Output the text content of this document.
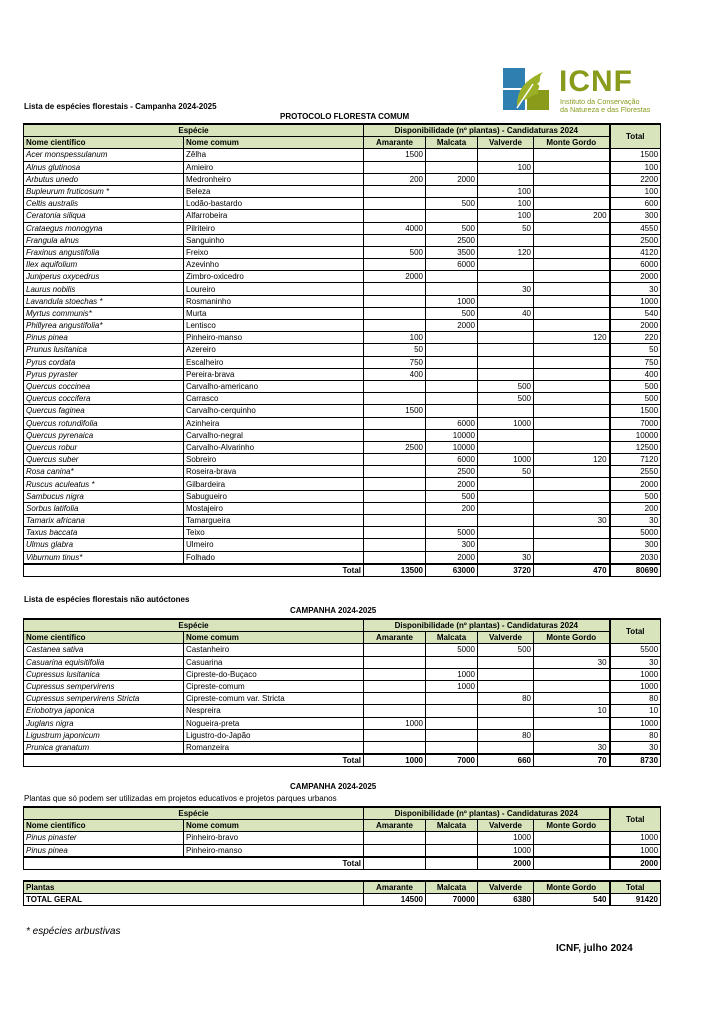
ICNF
Instituto da Conservação
da Natureza e das Florestas
Lista de espécies florestais - Campanha 2024-2025
PROTOCOLO FLORESTA COMUM
Espécie		Disponibilidade (nº plantas) - Candidaturas 2024				Total
Nome científico	Nome comum	Amarante	Malcata	Valverde	Monte Gordo	
Acer monspessulanum	Zêlha	1500				1500
Alnus glutinosa	Amieiro			100		100
Arbutus unedo	Medronheiro	200	2000			2200
Bupleurum fruticosum *	Beleza			100		100
Celtis australis	Lodão-bastardo		500	100		600
Ceratonia siliqua	Alfarrobeira			100	200	300
Crataegus monogyna	Pilriteiro	4000	500	50		4550
Frangula alnus	Sanguinho		2500			2500
Fraxinus angustifolia	Freixo	500	3500	120		4120
Ilex aquifolium	Azevinho		6000			6000
Juniperus oxycedrus	Zimbro-oxicedro	2000				2000
Laurus nobilis	Loureiro			30		30
Lavandula stoechas *	Rosmaninho		1000			1000
Myrtus communis*	Murta		500	40		540
Phillyrea angustifolia*	Lentisco		2000			2000
Pinus pinea	Pinheiro-manso	100			120	220
Prunus lusitanica	Azereiro	50				50
Pyrus cordata	Escalheiro	750				750
Pyrus pyraster	Pereira-brava	400				400
Quercus coccinea	Carvalho-americano			500		500
Quercus coccifera	Carrasco			500		500
Quercus faginea	Carvalho-cerquinho	1500				1500
Quercus rotundifolia	Azinheira		6000	1000		7000
Quercus pyrenaica	Carvalho-negral		10000			10000
Quercus robur	Carvalho-Alvarinho	2500	10000			12500
Quercus suber	Sobreiro		6000	1000	120	7120
Rosa canina*	Roseira-brava		2500	50		2550
Ruscus aculeatus *	Gilbardeira		2000			2000
Sambucus nigra	Sabugueiro		500			500
Sorbus latifolia	Mostajeiro		200			200
Tamarix africana	Tamargueira				30	30
Taxus baccata	Teixo		5000			5000
Ulmus glabra	Ulmeiro		300			300
Viburnum tinus*	Folhado		2000	30		2030
Total		13500	63000	3720	470	80690
Lista de espécies florestais não autóctones
CAMPANHA 2024-2025
Espécie		Disponibilidade (nº plantas) - Candidaturas 2024				Total
Nome científico	Nome comum	Amarante	Malcata	Valverde	Monte Gordo	
Castanea sativa	Castanheiro		5000	500		5500
Casuarina equisitifolia	Casuarina				30	30
Cupressus lusitanica	Cipreste-do-Buçaco		1000			1000
Cupressus sempervirens	Cipreste-comum		1000			1000
Cupressus sempervirens Stricta	Cipreste-comum var. Stricta			80		80
Eriobotrya japonica	Nespreira				10	10
Juglans nigra	Nogueira-preta	1000				1000
Ligustrum japonicum	Ligustro-do-Japão			80		80
Prunica granatum	Romanzeira				30	30
Total		1000	7000	660	70	8730
CAMPANHA 2024-2025
Plantas que só podem ser utilizadas em projetos educativos e projetos parques urbanos
Espécie		Disponibilidade (nº plantas) - Candidaturas 2024				Total
Nome científico	Nome comum	Amarante	Malcata	Valverde	Monte Gordo	
Pinus pinaster	Pinheiro-bravo			1000		1000
Pinus pinea	Pinheiro-manso			1000		1000
Total				2000		2000
Plantas	Amarante	Malcata	Valverde	Monte Gordo	Total
TOTAL GERAL	14500	70000	6380	540	91420
* espécies arbustivas
ICNF, julho 2024
